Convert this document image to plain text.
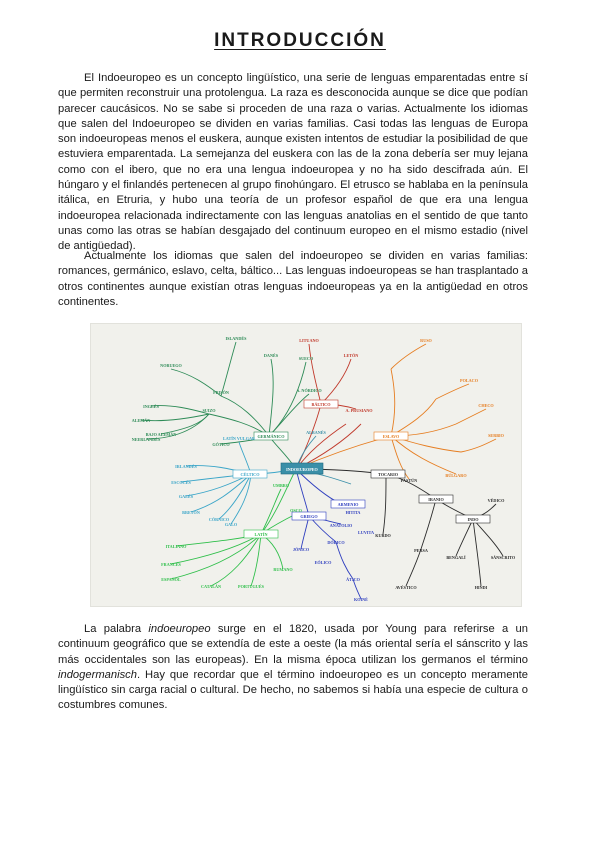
INTRODUCCIÓN

El Indoeuropeo es un concepto lingüístico, una serie de lenguas emparentadas entre sí que permiten reconstruir una protolengua. La raza es desconocida aunque se dice que podían parecer caucásicos. No se sabe si proceden de una raza o varias. Actualmente los idiomas que salen del Indoeuropeo se dividen en varias familias. Casi todas las lenguas de Europa son indoeuropeas menos el euskera, aunque existen intentos de estudiar la posibilidad de que estuviera emparentada. La semejanza del euskera con las de la zona debería ser muy lejana como con el ibero, que no era una lengua indoeuropea y no ha sido descifrada aún. El húngaro y el finlandés pertenecen al grupo finohúngaro. El etrusco se hablaba en la península itálica, en Etruria, y hubo una teoría de un profesor español de que era una lengua indoeuropea relacionada indirectamente con las lenguas anatolias en el sentido de que tanto unas como las otras se habían desgajado del continuum europeo en el mismo estadio (nivel de antigüedad).

Actualmente los idiomas que salen del indoeuropeo se dividen en varias familias: romances, germánico, eslavo, celta, báltico... Las lenguas indoeuropeas se han trasplantado a otros continentes aunque existían otras lenguas indoeuropeas ya en la antigüedad en otros continentes.

INDOEUROPEO
GERMÁNICO
CÉLTICO
LATÍN
GRIEGO
BÁLTICO
ESLAVO
INDO
IRANIO
TOCARIO
ARMENIO
ANATOLIO
ALBANÉS
INGLÉS
ALEMÁN
NEERLANDÉS
ISLANDÉS
DANÉS
SUECO
NORUEGO
A. NÓRDICO
GÓTICO
BAJO ALEMÁN
FRISÓN
SUIZO
IRLANDÉS
ESCOCÉS
GALÉS
BRETÓN
CÓRNICO
GALO
LATÍN VULGAR
ITALIANO
FRANCÉS
ESPAÑOL
CATALÁN	PORTUGUÉS
RUMANO
OSCO
UMBRO
DÓRICO
JÓNICO
ÁTICO
KOINÉ
EÓLICO
HITITA
LUVITA
LITUANO
LETÓN
A. PRUSIANO
RUSO
POLACO
CHECO
SERBIO
BÚLGARO
SÁNSCRITO
HINDI
BENGALÍ
VÉDICO
PERSA
AVÉSTICO
KURDO
PASTÚN

La palabra indoeuropeo surge en el 1820, usada por Young para referirse a un continuum geográfico que se extendía de este a oeste (la más oriental sería el sánscrito y las más occidentales son las europeas). En la misma época utilizan los germanos el término indogermanisch. Hay que recordar que el término indoeuropeo es un concepto meramente lingüístico sin carga racial o cultural. De hecho, no sabemos si había una especie de cultura o costumbres comunes.
